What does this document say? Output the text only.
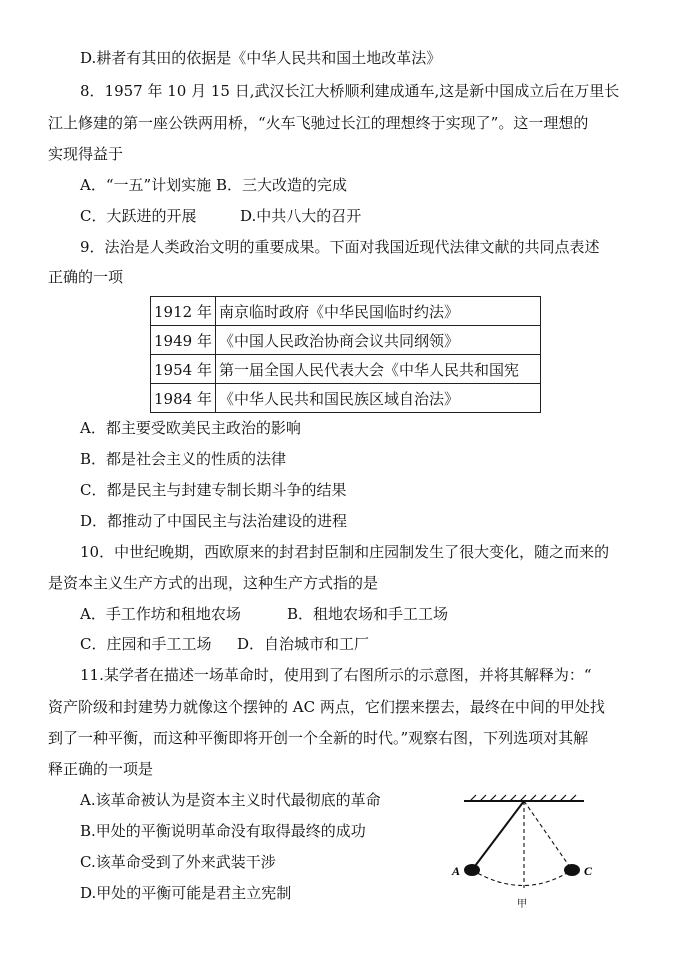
D.耕者有其田的依据是《中华人民共和国土地改革法》
8．1957 年 10 月 15 日,武汉长江大桥顺利建成通车,这是新中国成立后在万里长
江上修建的第一座公铁两用桥，“火车飞驰过长江的理想终于实现了”。这一理想的
实现得益于
A．“一五”计划实施 B．三大改造的完成
C．大跃进的开展	D.中共八大的召开
9．法治是人类政治文明的重要成果。下面对我国近现代法律文献的共同点表述
正确的一项
1912 年	南京临时政府《中华民国临时约法》
1949 年	《中国人民政治协商会议共同纲领》
1954 年	第一届全国人民代表大会《中华人民共和国宪
1984 年	《中华人民共和国民族区域自治法》
A．都主要受欧美民主政治的影响
B．都是社会主义的性质的法律
C．都是民主与封建专制长期斗争的结果
D．都推动了中国民主与法治建设的进程
10．中世纪晚期，西欧原来的封君封臣制和庄园制发生了很大变化，随之而来的
是资本主义生产方式的出现，这种生产方式指的是
A．手工作坊和租地农场	B．租地农场和手工工场
C．庄园和手工工场 D．自治城市和工厂
11.某学者在描述一场革命时，使用到了右图所示的示意图，并将其解释为：“
资产阶级和封建势力就像这个摆钟的 AC 两点，它们摆来摆去，最终在中间的甲处找
到了一种平衡，而这种平衡即将开创一个全新的时代。”观察右图，下列选项对其解
释正确的一项是
A.该革命被认为是资本主义时代最彻底的革命
B.甲处的平衡说明革命没有取得最终的成功
C.该革命受到了外来武装干涉
D.甲处的平衡可能是君主立宪制
A	C
甲
